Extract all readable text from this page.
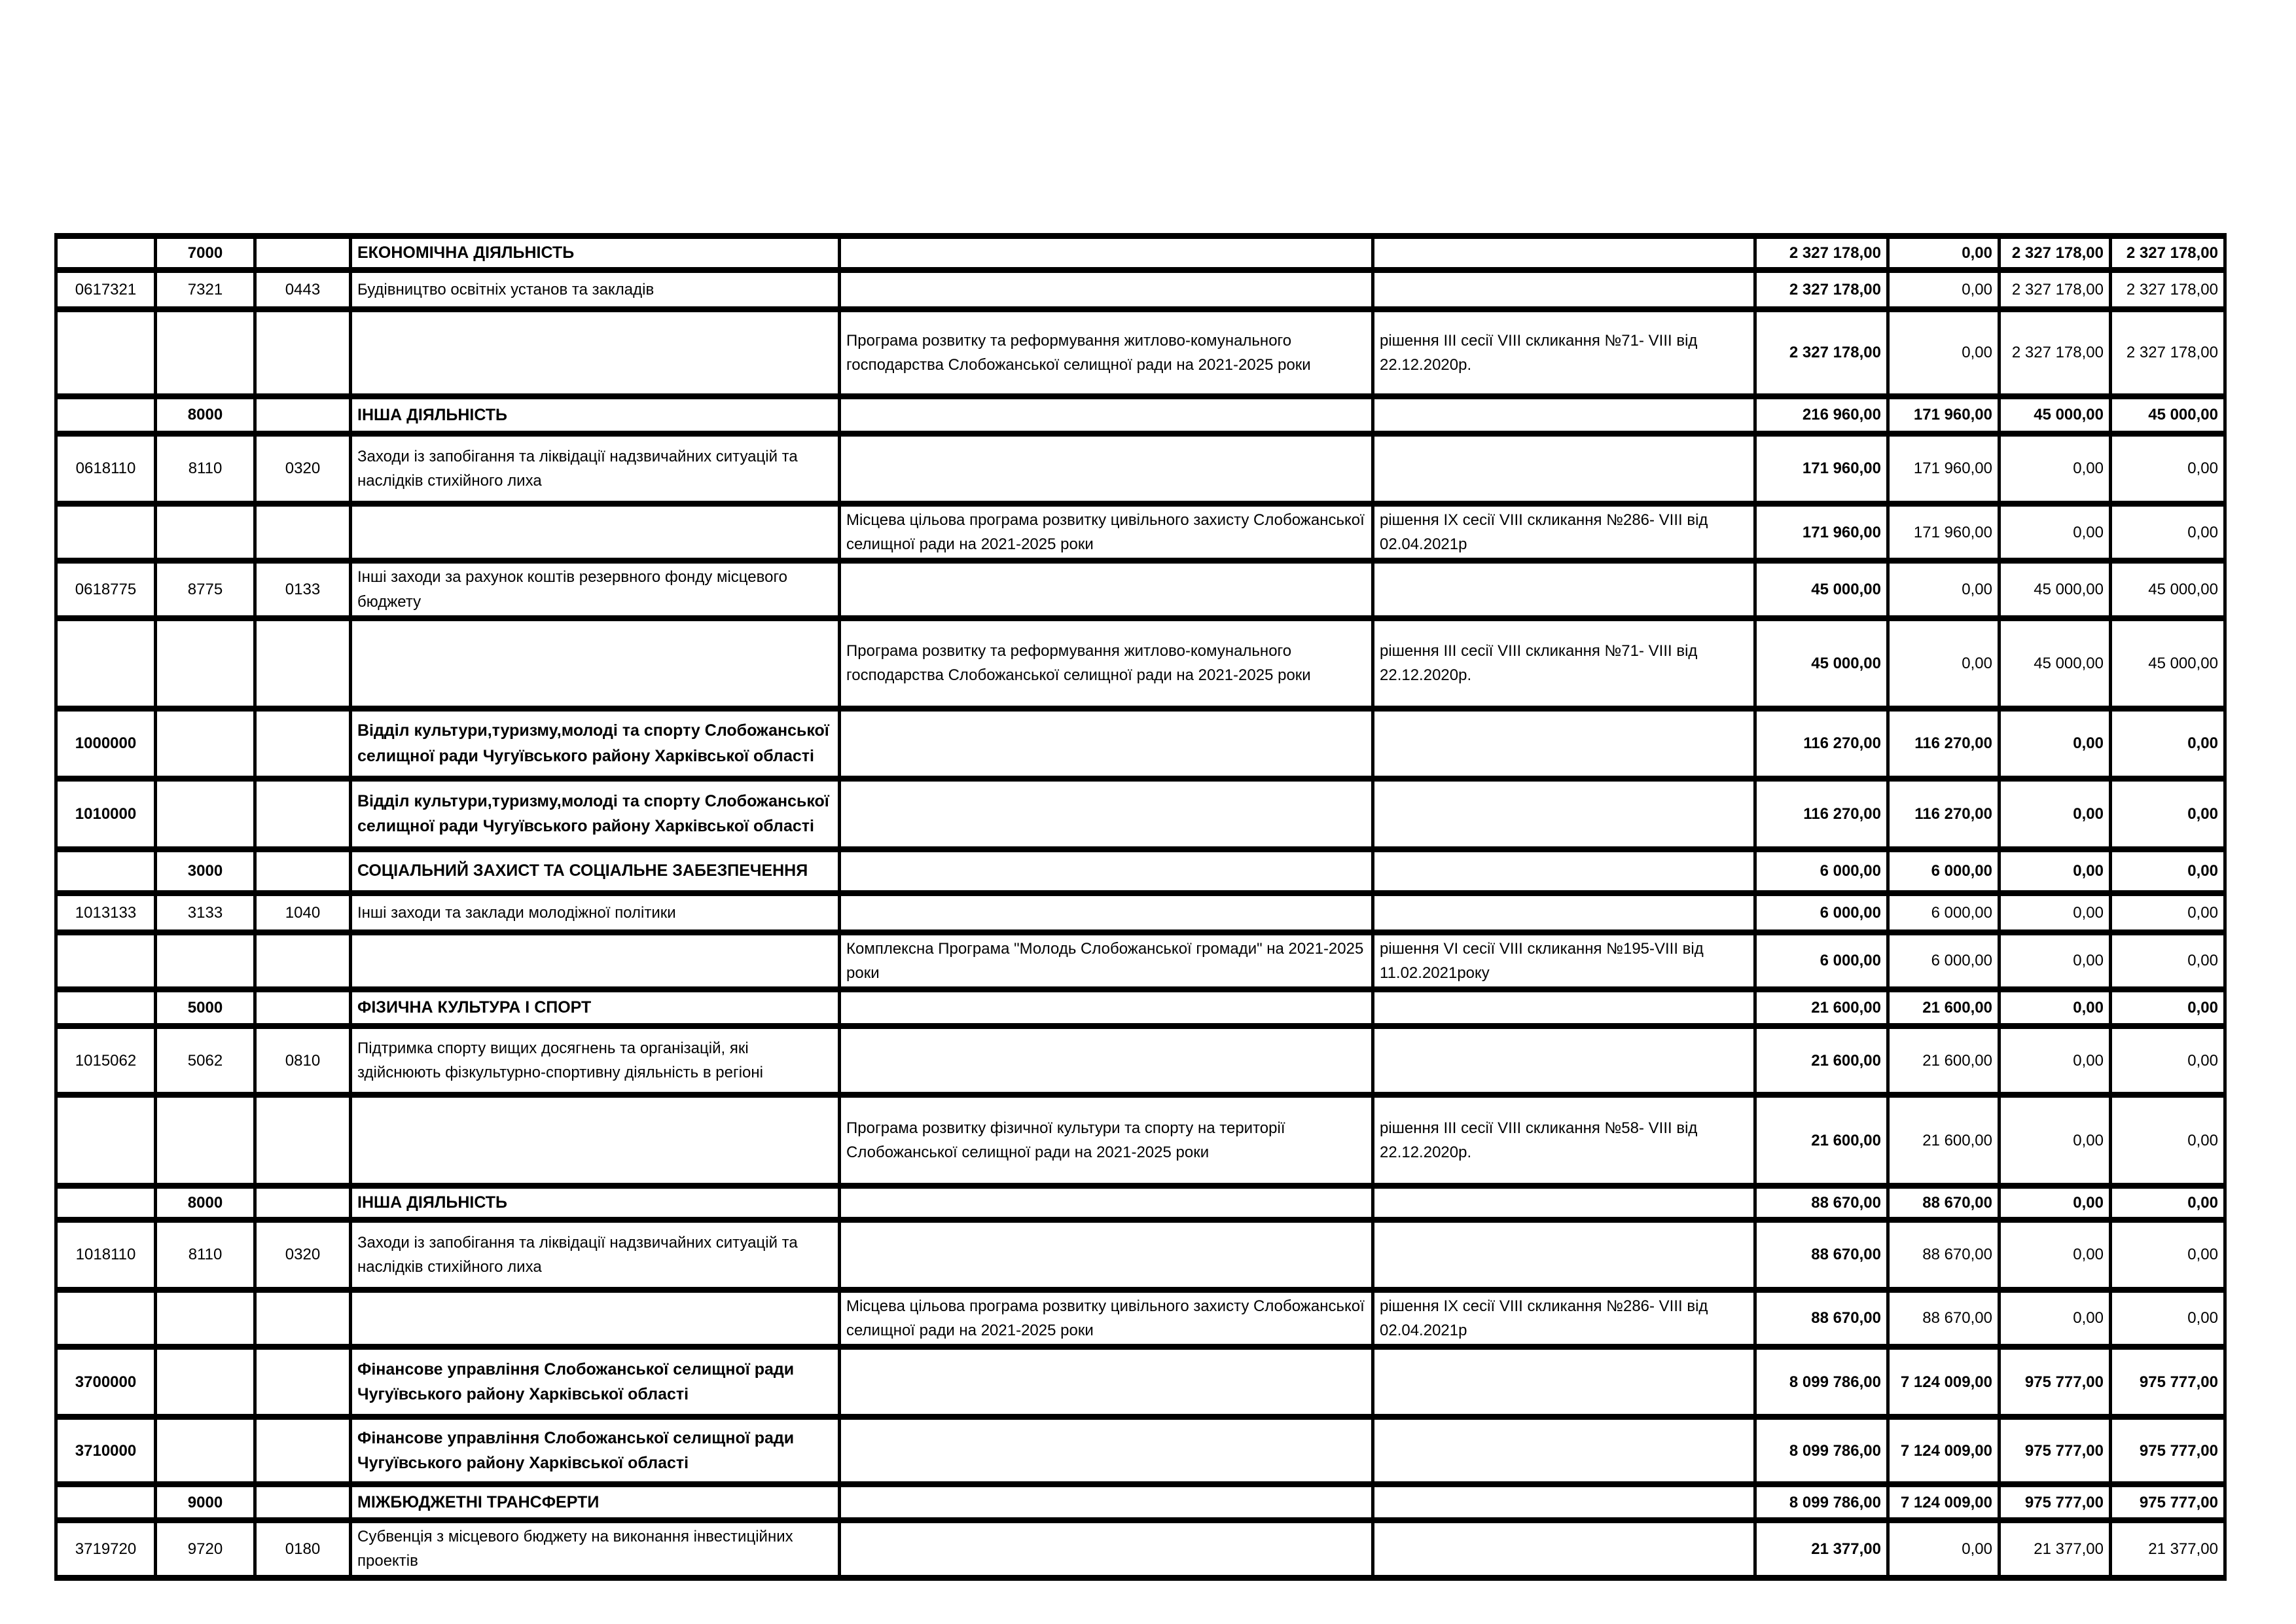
	7000		ЕКОНОМІЧНА ДІЯЛЬНІСТЬ			2 327 178,00	0,00	2 327 178,00	2 327 178,00
0617321	7321	0443	Будівництво освітніх установ та закладів			2 327 178,00	0,00	2 327 178,00	2 327 178,00
				Програма розвитку та реформування житлово-комунального господарства Слобожанської селищної ради на 2021-2025 роки	рішення III сесії VIII скликання №71- VIII від 22.12.2020р.	2 327 178,00	0,00	2 327 178,00	2 327 178,00
	8000		ІНША ДІЯЛЬНІСТЬ			216 960,00	171 960,00	45 000,00	45 000,00
0618110	8110	0320	Заходи із запобігання та ліквідації надзвичайних ситуацій та наслідків стихійного лиха			171 960,00	171 960,00	0,00	0,00
				Місцева цільова програма розвитку цивільного захисту Слобожанської селищної ради на 2021-2025 роки	рішення IX сесії VIII скликання №286- VIII від 02.04.2021р	171 960,00	171 960,00	0,00	0,00
0618775	8775	0133	Інші заходи за рахунок коштів резервного фонду місцевого бюджету			45 000,00	0,00	45 000,00	45 000,00
				Програма розвитку та реформування житлово-комунального господарства Слобожанської селищної ради на 2021-2025 роки	рішення III сесії VIII скликання №71- VIII від 22.12.2020р.	45 000,00	0,00	45 000,00	45 000,00
1000000			Відділ культури,туризму,молоді та спорту Слобожанської селищної ради Чугуївського району Харківської області			116 270,00	116 270,00	0,00	0,00
1010000			Відділ культури,туризму,молоді та спорту Слобожанської селищної ради Чугуївського району Харківської області			116 270,00	116 270,00	0,00	0,00
	3000		СОЦІАЛЬНИЙ ЗАХИСТ ТА СОЦІАЛЬНЕ ЗАБЕЗПЕЧЕННЯ			6 000,00	6 000,00	0,00	0,00
1013133	3133	1040	Інші заходи та заклади молодіжної політики			6 000,00	6 000,00	0,00	0,00
				Комплексна Програма "Молодь Слобожанської громади" на 2021-2025 роки	рішення VI сесії VIII скликання №195-VIII від 11.02.2021року	6 000,00	6 000,00	0,00	0,00
	5000		ФІЗИЧНА КУЛЬТУРА І СПОРТ			21 600,00	21 600,00	0,00	0,00
1015062	5062	0810	Підтримка спорту вищих досягнень та організацій, які здійснюють фізкультурно-спортивну діяльність в регіоні			21 600,00	21 600,00	0,00	0,00
				Програма розвитку фізичної культури та спорту на території Слобожанської селищної ради на 2021-2025 роки	рішення III сесії VIII скликання №58- VIII від 22.12.2020р.	21 600,00	21 600,00	0,00	0,00
	8000		ІНША ДІЯЛЬНІСТЬ			88 670,00	88 670,00	0,00	0,00
1018110	8110	0320	Заходи із запобігання та ліквідації надзвичайних ситуацій та наслідків стихійного лиха			88 670,00	88 670,00	0,00	0,00
				Місцева цільова програма розвитку цивільного захисту Слобожанської селищної ради на 2021-2025 роки	рішення IX сесії VIII скликання №286- VIII від 02.04.2021р	88 670,00	88 670,00	0,00	0,00
3700000			Фінансове управління Слобожанської селищної ради Чугуївського району Харківської області			8 099 786,00	7 124 009,00	975 777,00	975 777,00
3710000			Фінансове управління Слобожанської селищної ради Чугуївського району Харківської області			8 099 786,00	7 124 009,00	975 777,00	975 777,00
	9000		МІЖБЮДЖЕТНІ ТРАНСФЕРТИ			8 099 786,00	7 124 009,00	975 777,00	975 777,00
3719720	9720	0180	Субвенція з місцевого бюджету на виконання інвестиційних проектів			21 377,00	0,00	21 377,00	21 377,00
